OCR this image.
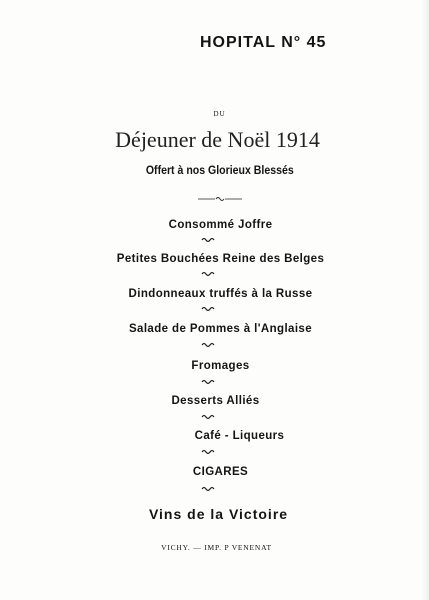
HOPITAL N° 45
DU
Déjeuner de Noël 1914
Offert à nos Glorieux Blessés
Consommé Joffre
Petites Bouchées Reine des Belges
Dindonneaux truffés à la Russe
Salade de Pommes à l'Anglaise
Fromages
Desserts Alliés
Café - Liqueurs
CIGARES
Vins de la Victoire
VICHY. — IMP. P VENENAT
